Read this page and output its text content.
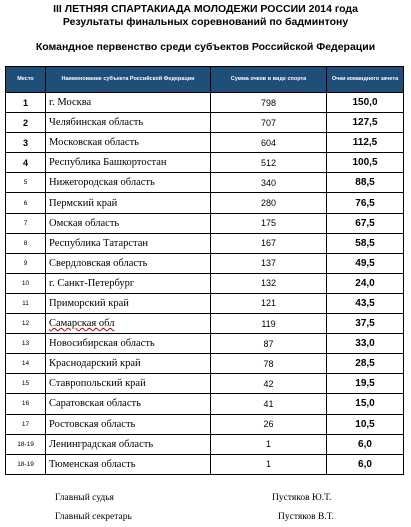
III ЛЕТНЯЯ СПАРТАКИАДА МОЛОДЕЖИ РОССИИ 2014 года
Результаты финальных соревнований по бадминтону
Командное первенство среди субъектов Российской Федерации
Место	Наименование субъекта Российской Федерации	Сумма очков в виде спорта	Очки командного зачета
1	г. Москва	798	150,0
2	Челябинская область	707	127,5
3	Московская область	604	112,5
4	Республика Башкортостан	512	100,5
5	Нижегородская область	340	88,5
6	Пермский край	280	76,5
7	Омская область	175	67,5
8	Республика Татарстан	167	58,5
9	Свердловская область	137	49,5
10	г. Санкт-Петербург	132	24,0
11	Приморский край	121	43,5
12	Самарская обл	119	37,5
13	Новосибирская область	87	33,0
14	Краснодарский край	78	28,5
15	Ставропольский край	42	19,5
16	Саратовская область	41	15,0
17	Ростовская область	26	10,5
18-19	Ленинградская область	1	6,0
18-19	Тюменская область	1	6,0
Главный судья	Пустяков Ю.Т.
Главный секретарь	Пустяков В.Т.
